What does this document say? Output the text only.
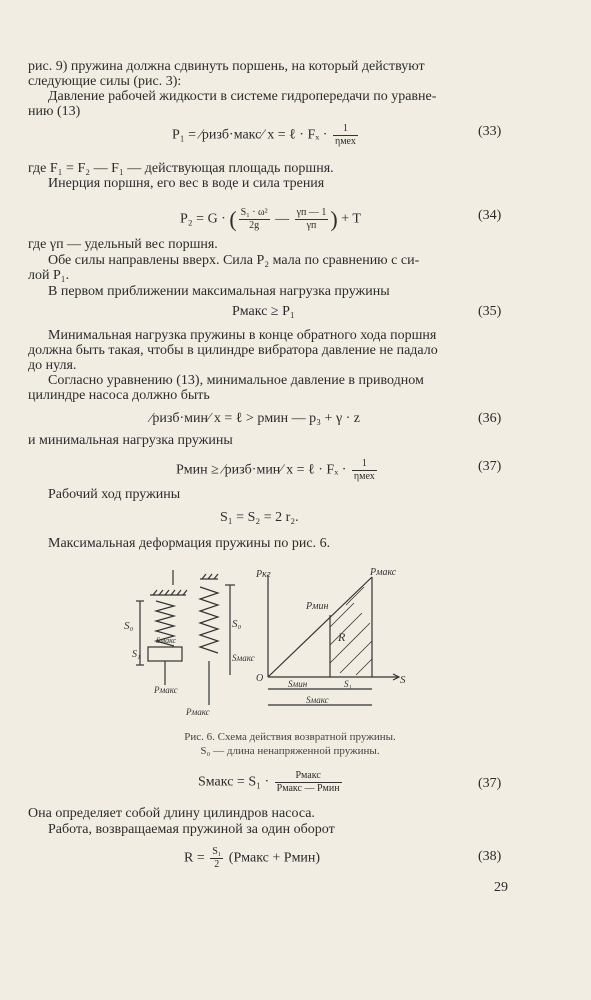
рис. 9) пружина должна сдвинуть поршень, на который действуют
следующие силы (рис. 3):
Давление рабочей жидкости в системе гидропередачи по уравне-
нию (13)
P₁ = ∕pизб·макс∕ x = ℓ · $F_x \cdot \frac{1}{\text{ηмех}}$	(33)
где F₁ = F₂ — F₁ — действующая площадь поршня.
Инерция поршня, его вес в воде и сила трения
P₂ = G · ( $\frac{\text{S₁ · ω²}}{2g}$ — $\frac{\gamma п — 1}{\gamma п}$ ) + T	(34)
где γп — удельный вес поршня.
Обе силы направлены вверх. Сила P₂ мала по сравнению с си-
лой P₁.
В первом приближении максимальная нагрузка пружины
Pмакс ≥ P₁	(35)
Минимальная нагрузка пружины в конце обратного хода поршня
должна быть такая, чтобы в цилиндре вибратора давление не падало
до нуля.
Согласно уравнению (13), минимальное давление в приводном
цилиндре насоса должно быть
∕pизб·мин∕ x = ℓ > pмин — p₃ + γ · z	(36)
и минимальная нагрузка пружины
Pмин ≥ ∕pизб·мин∕ x = ℓ · $F_x \cdot \frac{1}{\text{ηмех}}$	(37)
Рабочий ход пружины
S₁ = S₂ = 2 r₂.
Максимальная деформация пружины по рис. 6.
S₀
S₁
Sмакс
Pмакс
S₀
Sмакс
Pмакс
Pкг	Pмакс
Pмин
R
O	S
Sмин	S₁
Sмакс
Рис. 6. Схема действия возвратной пружины.
S₀ — длина ненапряженной пружины.
Sмакс = $S_1 \cdot \frac{\text{Pмакс}}{\text{Pмакс — Pмин}}$	(37)
Она определяет собой длину цилиндров насоса.
Работа, возвращаемая пружиной за один оборот
$R = \frac{\text{S₁}}{2}$ (Pмакс + Pмин)	(38)
29
